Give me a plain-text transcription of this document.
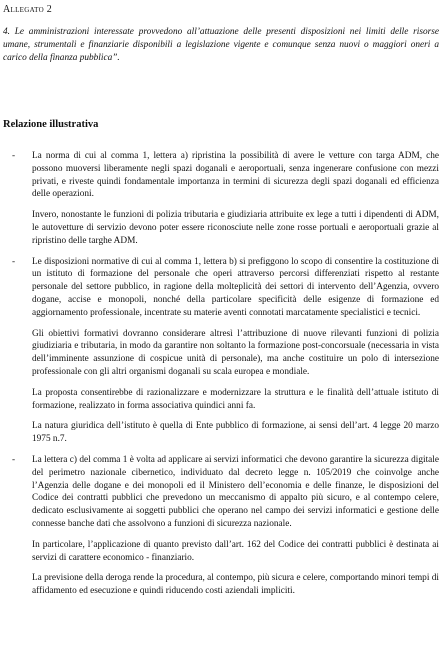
Allegato 2
4. Le amministrazioni interessate provvedono all’attuazione delle presenti disposizioni nei limiti delle risorse umane, strumentali e finanziarie disponibili a legislazione vigente e comunque senza nuovi o maggiori oneri a carico della finanza pubblica”.
Relazione illustrativa
- La norma di cui al comma 1, lettera a) ripristina la possibilità di avere le vetture con targa ADM, che possono muoversi liberamente negli spazi doganali e aeroportuali, senza ingenerare confusione con mezzi privati, e riveste quindi fondamentale importanza in termini di sicurezza degli spazi doganali ed efficienza delle operazioni.

Invero, nonostante le funzioni di polizia tributaria e giudiziaria attribuite ex lege a tutti i dipendenti di ADM, le autovetture di servizio devono poter essere riconosciute nelle zone rosse portuali e aeroportuali grazie al ripristino delle targhe ADM.

- Le disposizioni normative di cui al comma 1, lettera b) si prefiggono lo scopo di consentire la costituzione di un istituto di formazione del personale che operi attraverso percorsi differenziati rispetto al restante personale del settore pubblico, in ragione della molteplicità dei settori di intervento dell’Agenzia, ovvero dogane, accise e monopoli, nonché della particolare specificità delle esigenze di formazione ed aggiornamento professionale, incentrate su materie aventi connotati marcatamente specialistici e tecnici.

Gli obiettivi formativi dovranno considerare altresì l’attribuzione di nuove rilevanti funzioni di polizia giudiziaria e tributaria, in modo da garantire non soltanto la formazione post-concorsuale (necessaria in vista dell’imminente assunzione di cospicue unità di personale), ma anche costituire un polo di intersezione professionale con gli altri organismi doganali su scala europea e mondiale.

La proposta consentirebbe di razionalizzare e modernizzare la struttura e le finalità dell’attuale istituto di formazione, realizzato in forma associativa quindici anni fa.

La natura giuridica dell’istituto è quella di Ente pubblico di formazione, ai sensi dell’art. 4 legge 20 marzo 1975 n.7.

- La lettera c) del comma 1 è volta ad applicare ai servizi informatici che devono garantire la sicurezza digitale del perimetro nazionale cibernetico, individuato dal decreto legge n. 105/2019 che coinvolge anche l’Agenzia delle dogane e dei monopoli ed il Ministero dell’economia e delle finanze, le disposizioni del Codice dei contratti pubblici che prevedono un meccanismo di appalto più sicuro, e al contempo celere, dedicato esclusivamente ai soggetti pubblici che operano nel campo dei servizi informatici e gestione delle connesse banche dati che assolvono a funzioni di sicurezza nazionale.

In particolare, l’applicazione di quanto previsto dall’art. 162 del Codice dei contratti pubblici è destinata ai servizi di carattere economico - finanziario.

La previsione della deroga rende la procedura, al contempo, più sicura e celere, comportando minori tempi di affidamento ed esecuzione e quindi riducendo costi aziendali impliciti.
